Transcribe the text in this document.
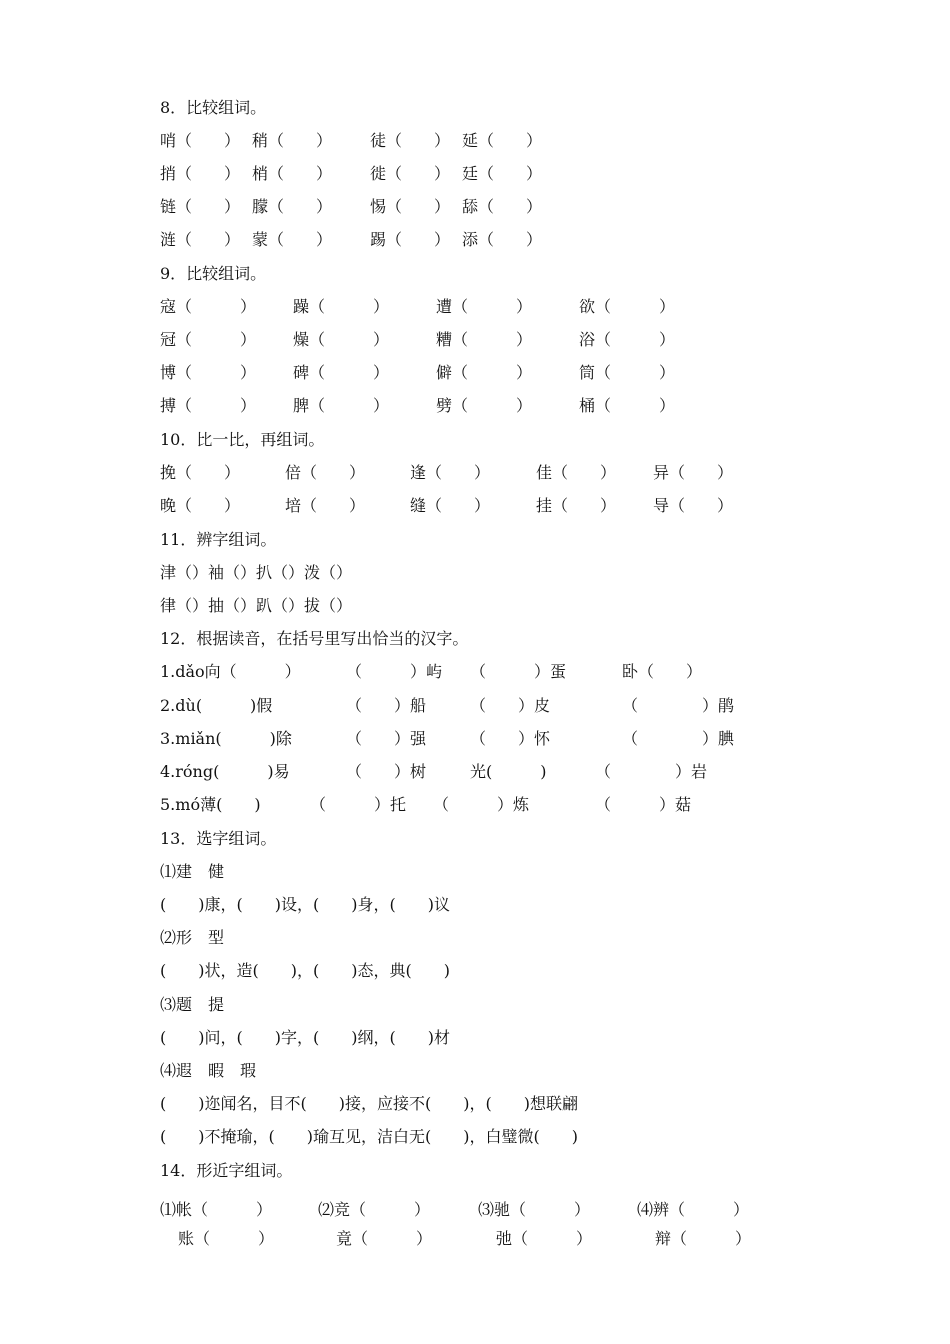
8．比较组词。
哨（　　） 稍（　　） 徒（　　） 延（　　）
捎（　　） 梢（　　） 徙（　　） 廷（　　）
链（　　） 朦（　　） 惕（　　） 舔（　　）
涟（　　） 蒙（　　） 踢（　　） 添（　　）
9．比较组词。
寇（　　　） 躁（　　　）	遭（　　　）	欲（　　　）
冠（　　　） 燥（　　　）	糟（　　　）	浴（　　　）
博（　　　） 碑（　　　）	僻（　　　）	筒（　　　）
搏（　　　） 脾（　　　）	劈（　　　）	桶（　　　）
10．比一比，再组词。
挽（　　）	倍（　　）	逢（　　）	佳（　　） 异（　　）
晚（　　）	培（　　）	缝（　　）	挂（　　） 导（　　）
11．辨字组词。
津（）袖（）扒（）泼（）
律（）抽（）趴（）拔（）
12．根据读音，在括号里写出恰当的汉字。
1.dǎo向（　　　）	（　　　）屿 （　　　）蛋	卧（　　）
2.dù(　　　)假	（　　）船	（　　）皮	（　　　　）鹃
3.miǎn(　　　)除	（　　）强	（　　）怀	（　　　　）腆
4.róng(　　　)易	（　　）树	光(　　　)	（　　　　）岩
5.mó薄(　　)	（　　　）托 （　　　）炼	（　　　）菇
13．选字组词。
⑴建　健
(　　)康，(　　)设，(　　)身，(　　)议
⑵形　型
(　　)状，造(　　)，(　　)态，典(　　)
⑶题　提
(　　)问，(　　)字，(　　)纲，(　　)材
⑷遐　暇　瑕
(　　)迩闻名，目不(　　)接，应接不(　　)，(　　)想联翩
(　　)不掩瑜，(　　)瑜互见，洁白无(　　)，白璧微(　　)
14．形近字组词。
⑴帐（　　　）	⑵竞（　　　）	⑶驰（　　　）	⑷辨（　　　）
账（　　　）	竟（　　　）	弛（　　　）	辩（　　　）
